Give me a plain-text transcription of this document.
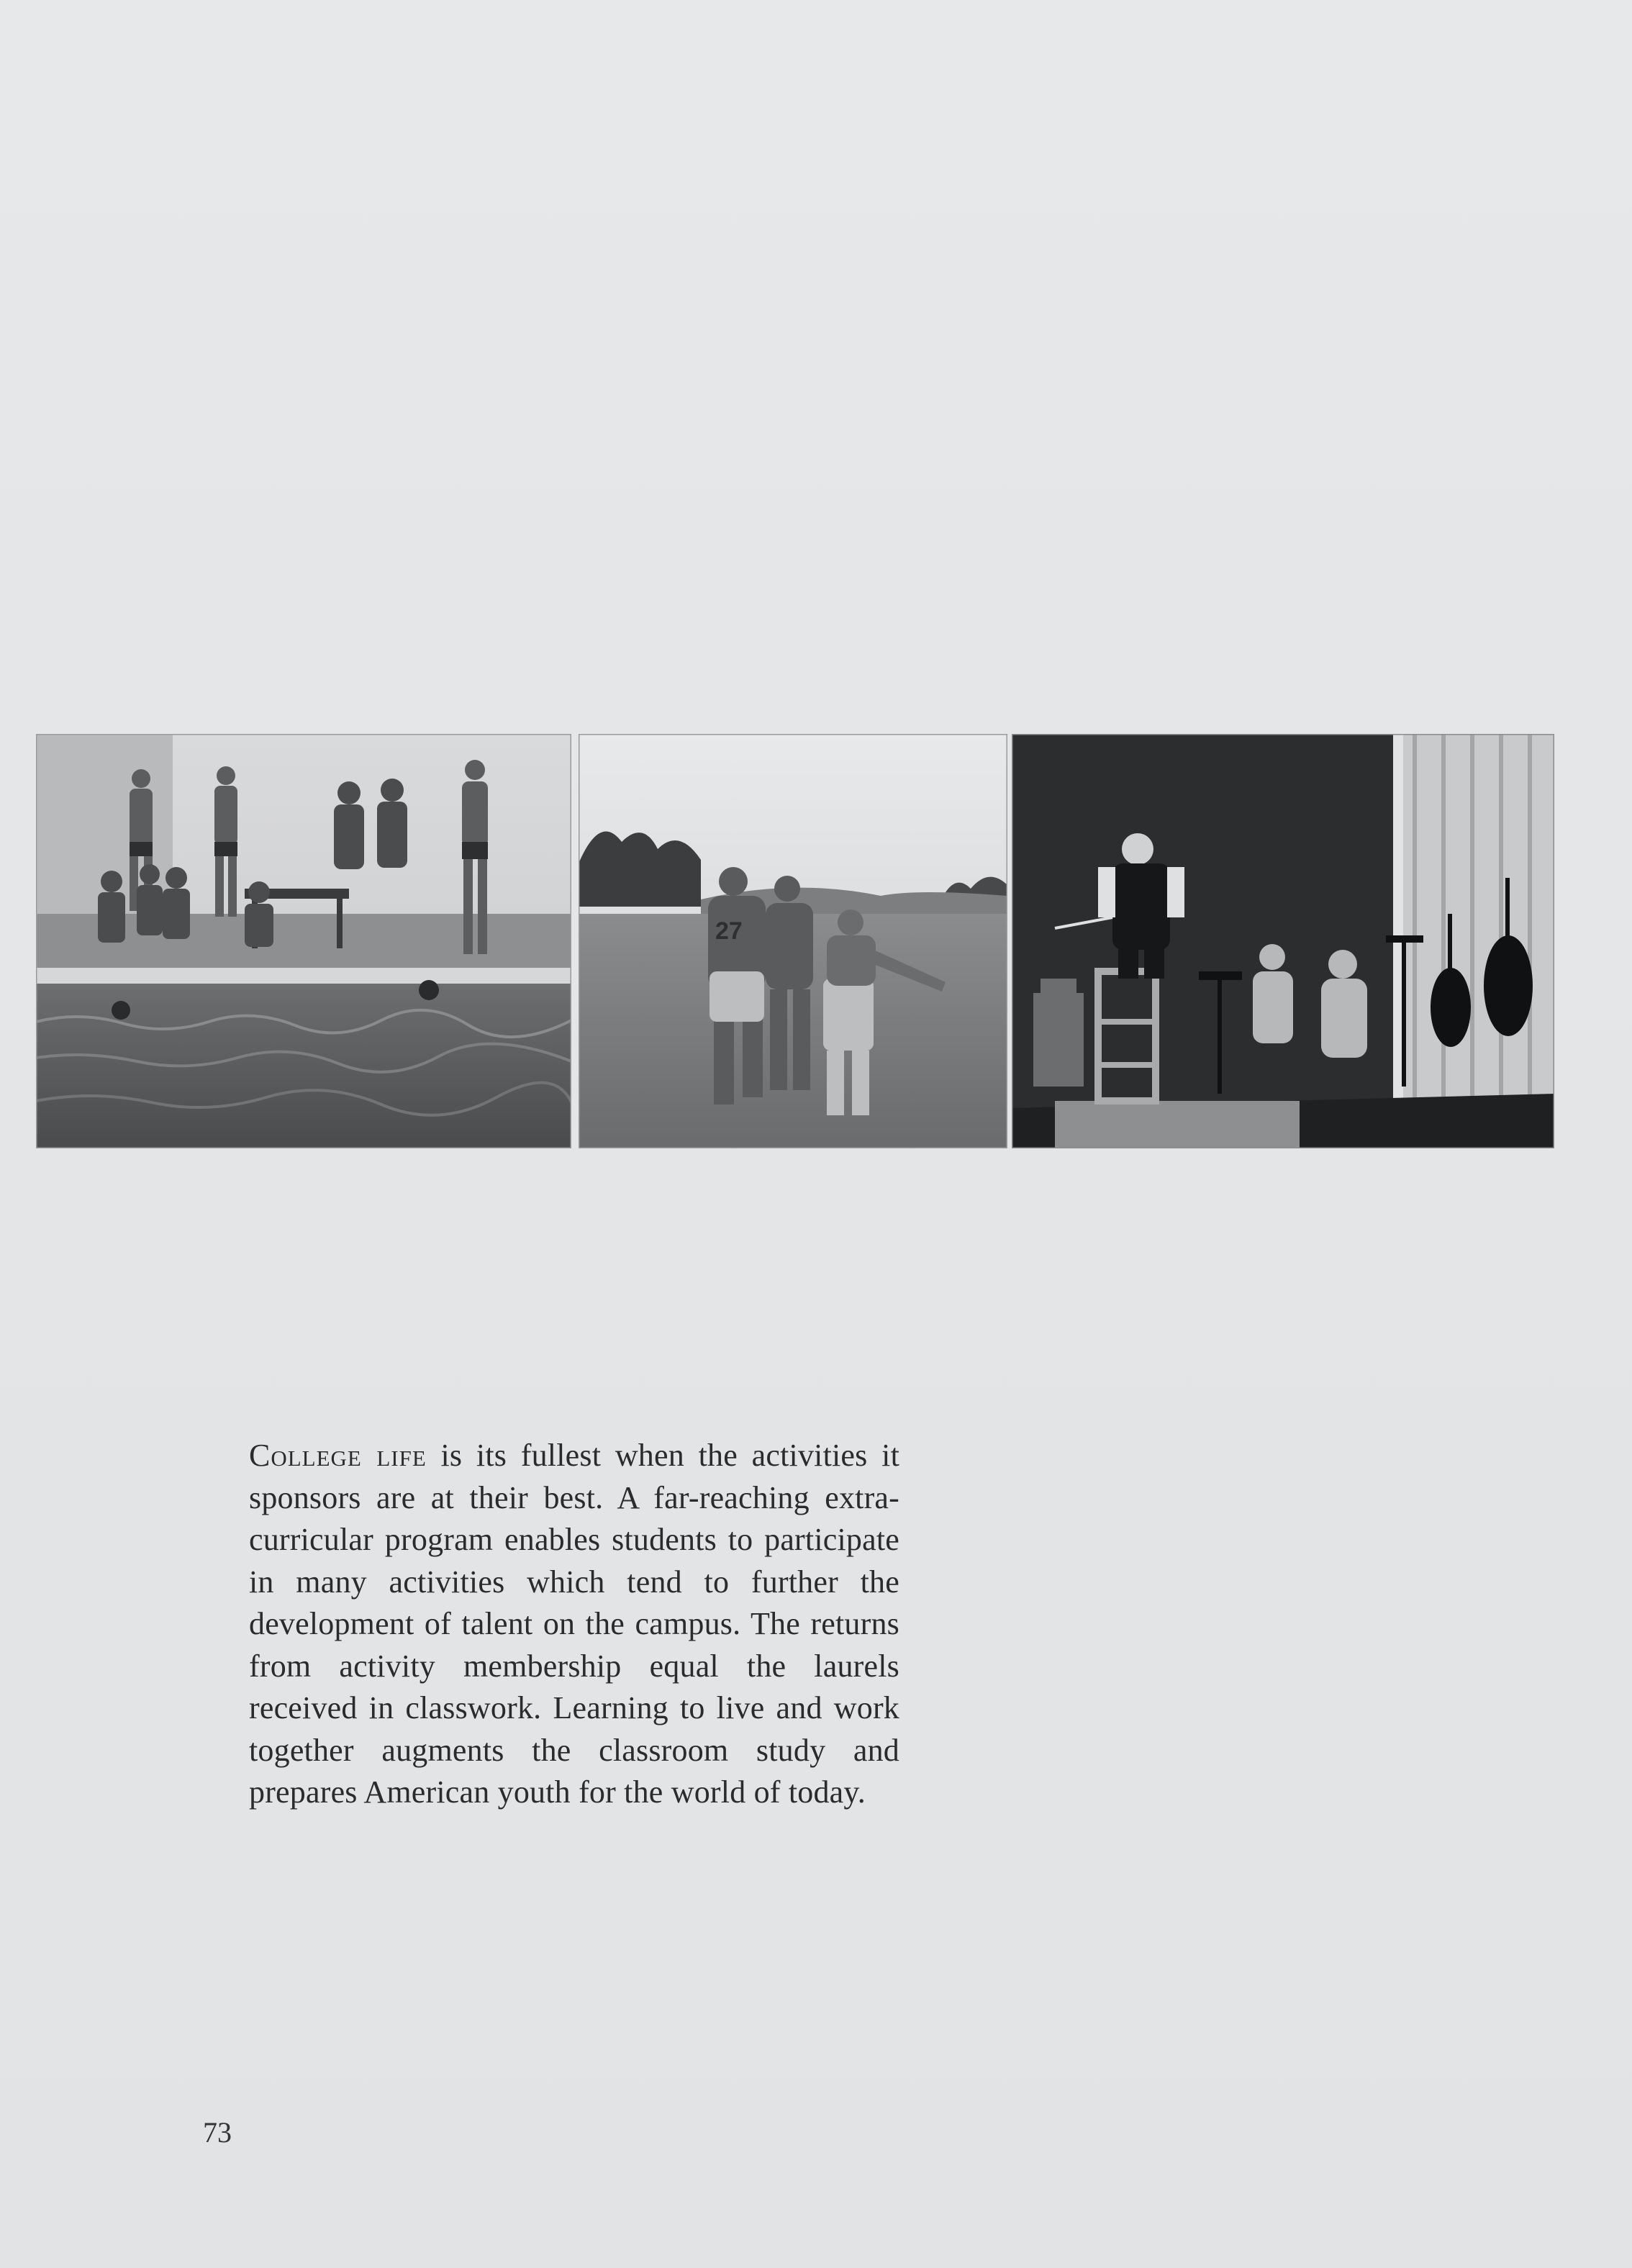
27

College life is its fullest when the activities it sponsors are at their best. A far-reaching extra-curricular program enables students to participate in many activities which tend to further the development of talent on the campus. The returns from activity membership equal the laurels received in classwork. Learning to live and work together augments the classroom study and prepares American youth for the world of today.

73
